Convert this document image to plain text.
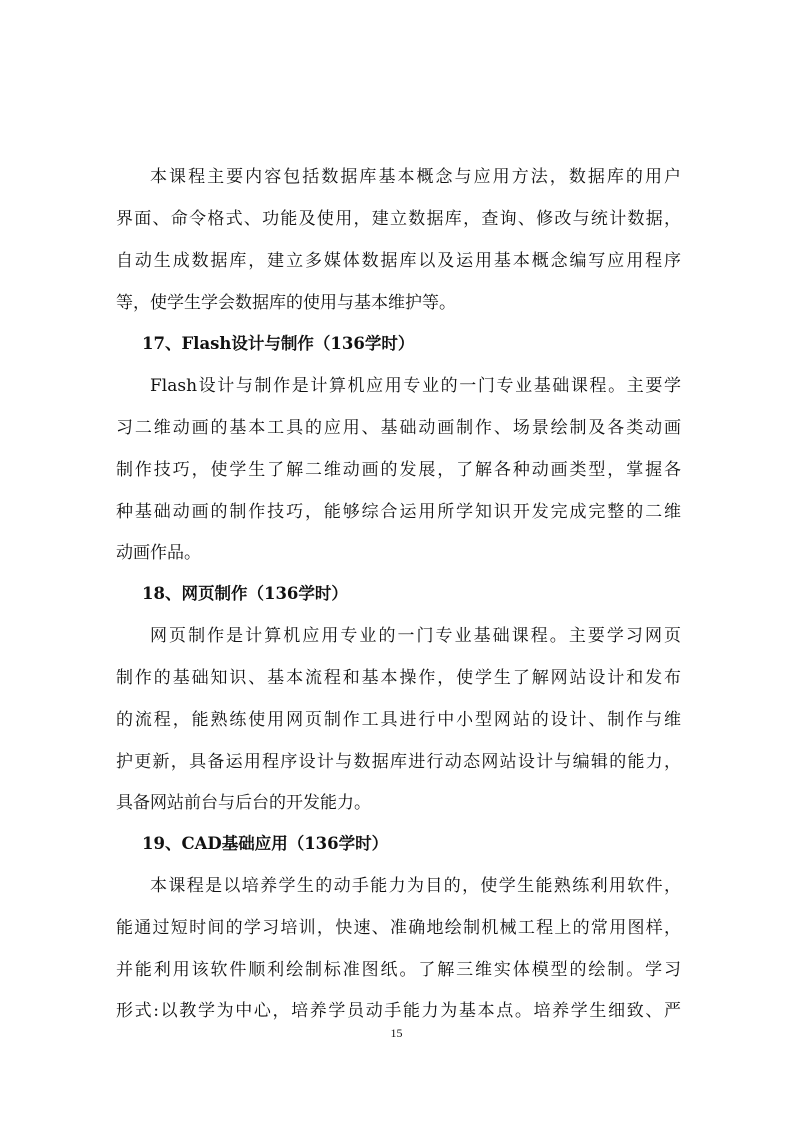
本课程主要内容包括数据库基本概念与应用方法，数据库的用户
界面、命令格式、功能及使用，建立数据库，查询、修改与统计数据，
自动生成数据库，建立多媒体数据库以及运用基本概念编写应用程序
等，使学生学会数据库的使用与基本维护等。
17、Flash设计与制作（136学时）
Flash设计与制作是计算机应用专业的一门专业基础课程。主要学
习二维动画的基本工具的应用、基础动画制作、场景绘制及各类动画
制作技巧，使学生了解二维动画的发展，了解各种动画类型，掌握各
种基础动画的制作技巧，能够综合运用所学知识开发完成完整的二维
动画作品。
18、网页制作（136学时）
网页制作是计算机应用专业的一门专业基础课程。主要学习网页
制作的基础知识、基本流程和基本操作，使学生了解网站设计和发布
的流程，能熟练使用网页制作工具进行中小型网站的设计、制作与维
护更新，具备运用程序设计与数据库进行动态网站设计与编辑的能力，
具备网站前台与后台的开发能力。
19、CAD基础应用（136学时）
本课程是以培养学生的动手能力为目的，使学生能熟练利用软件，
能通过短时间的学习培训，快速、准确地绘制机械工程上的常用图样，
并能利用该软件顺利绘制标准图纸。了解三维实体模型的绘制。学习
形式:以教学为中心，培养学员动手能力为基本点。培养学生细致、严
15
